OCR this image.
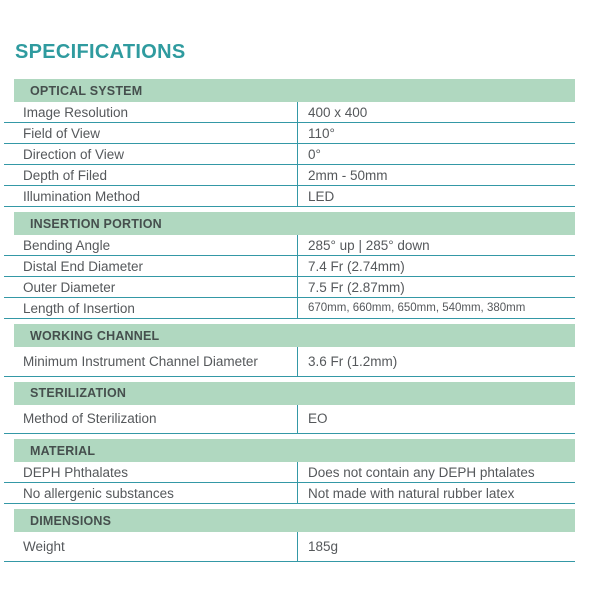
SPECIFICATIONS
OPTICAL SYSTEM
Image Resolution	400 x 400
Field of View	110°
Direction of View	0°
Depth of Filed	2mm - 50mm
Illumination Method	LED
INSERTION PORTION
Bending Angle	285° up | 285° down
Distal End Diameter	7.4 Fr (2.74mm)
Outer Diameter	7.5 Fr (2.87mm)
Length of Insertion	670mm, 660mm, 650mm, 540mm, 380mm
WORKING CHANNEL
Minimum Instrument Channel Diameter	3.6 Fr (1.2mm)
STERILIZATION
Method of Sterilization	EO
MATERIAL
DEPH Phthalates	Does not contain any DEPH phtalates
No allergenic substances	Not made with natural rubber latex
DIMENSIONS
Weight	185g
